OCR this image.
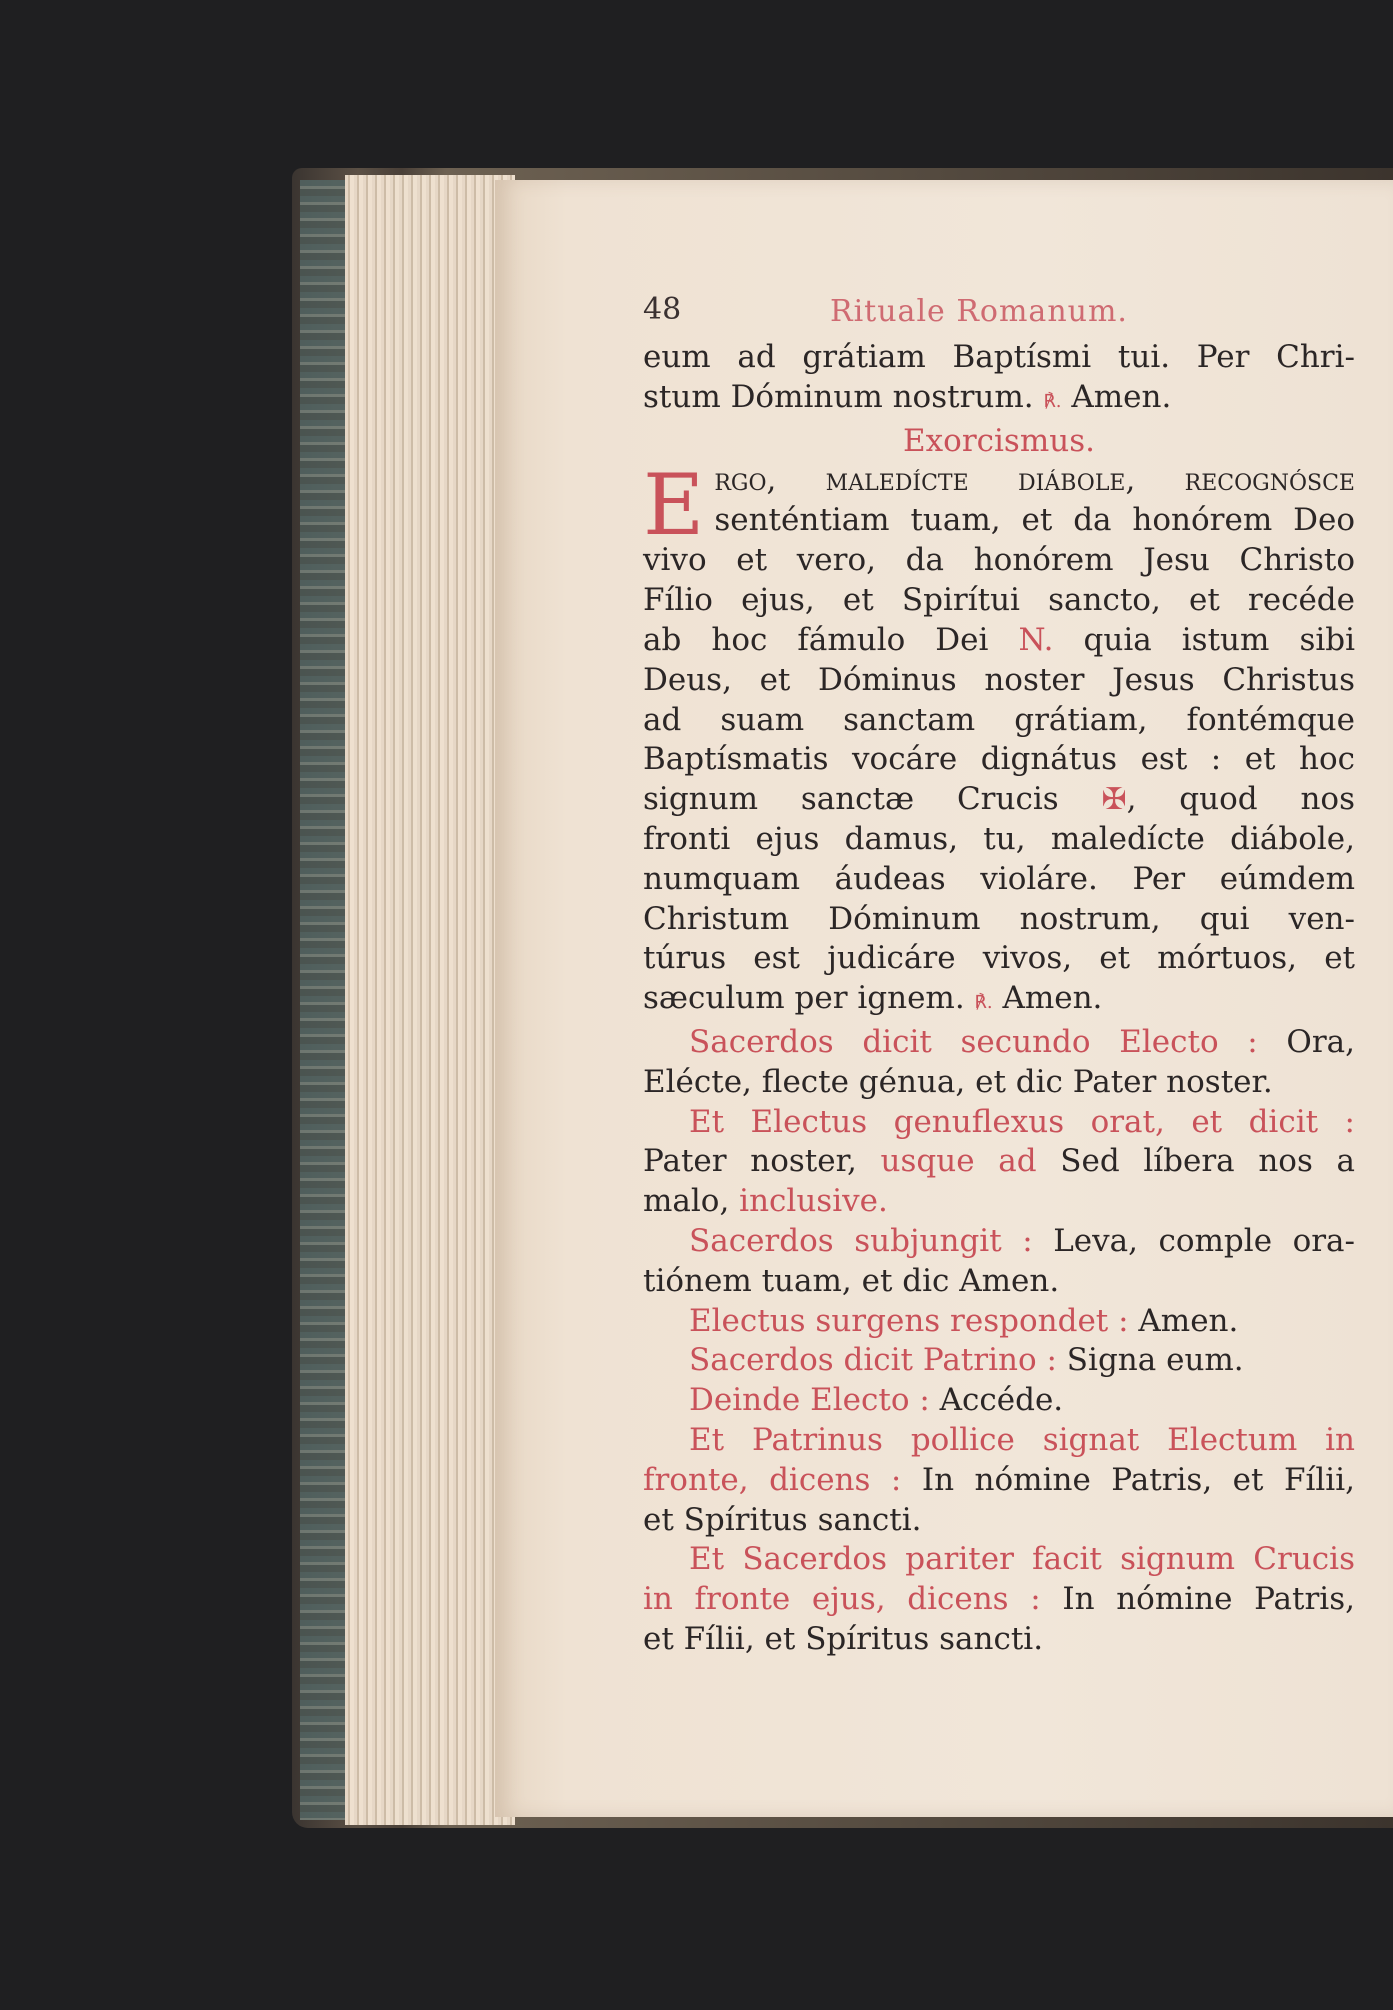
48	Rituale Romanum.
eum ad grátiam Baptísmi tui. Per Chri-
stum Dóminum nostrum. ℟. Amen.
Exorcismus.
E rgo, maledícte diábole, recognósce
senténtiam tuam, et da honórem Deo
vivo et vero, da honórem Jesu Christo
Fílio ejus, et Spirítui sancto, et recéde
ab hoc fámulo Dei N. quia istum sibi
Deus, et Dóminus noster Jesus Christus
ad suam sanctam grátiam, fontémque
Baptísmatis vocáre dignátus est : et hoc
signum sanctæ Crucis ✠, quod nos
fronti ejus damus, tu, maledícte diábole,
numquam áudeas violáre. Per eúmdem
Christum Dóminum nostrum, qui ven-
túrus est judicáre vivos, et mórtuos, et
sæculum per ignem. ℟. Amen.
Sacerdos dicit secundo Electo : Ora,
Elécte, flecte génua, et dic Pater noster.
Et Electus genuflexus orat, et dicit :
Pater noster, usque ad Sed líbera nos a
malo, inclusive.
Sacerdos subjungit : Leva, comple ora-
tiónem tuam, et dic Amen.
Electus surgens respondet : Amen.
Sacerdos dicit Patrino : Signa eum.
Deinde Electo : Accéde.
Et Patrinus pollice signat Electum in
fronte, dicens : In nómine Patris, et Fílii,
et Spíritus sancti.
Et Sacerdos pariter facit signum Crucis
in fronte ejus, dicens : In nómine Patris,
et Fílii, et Spíritus sancti.
